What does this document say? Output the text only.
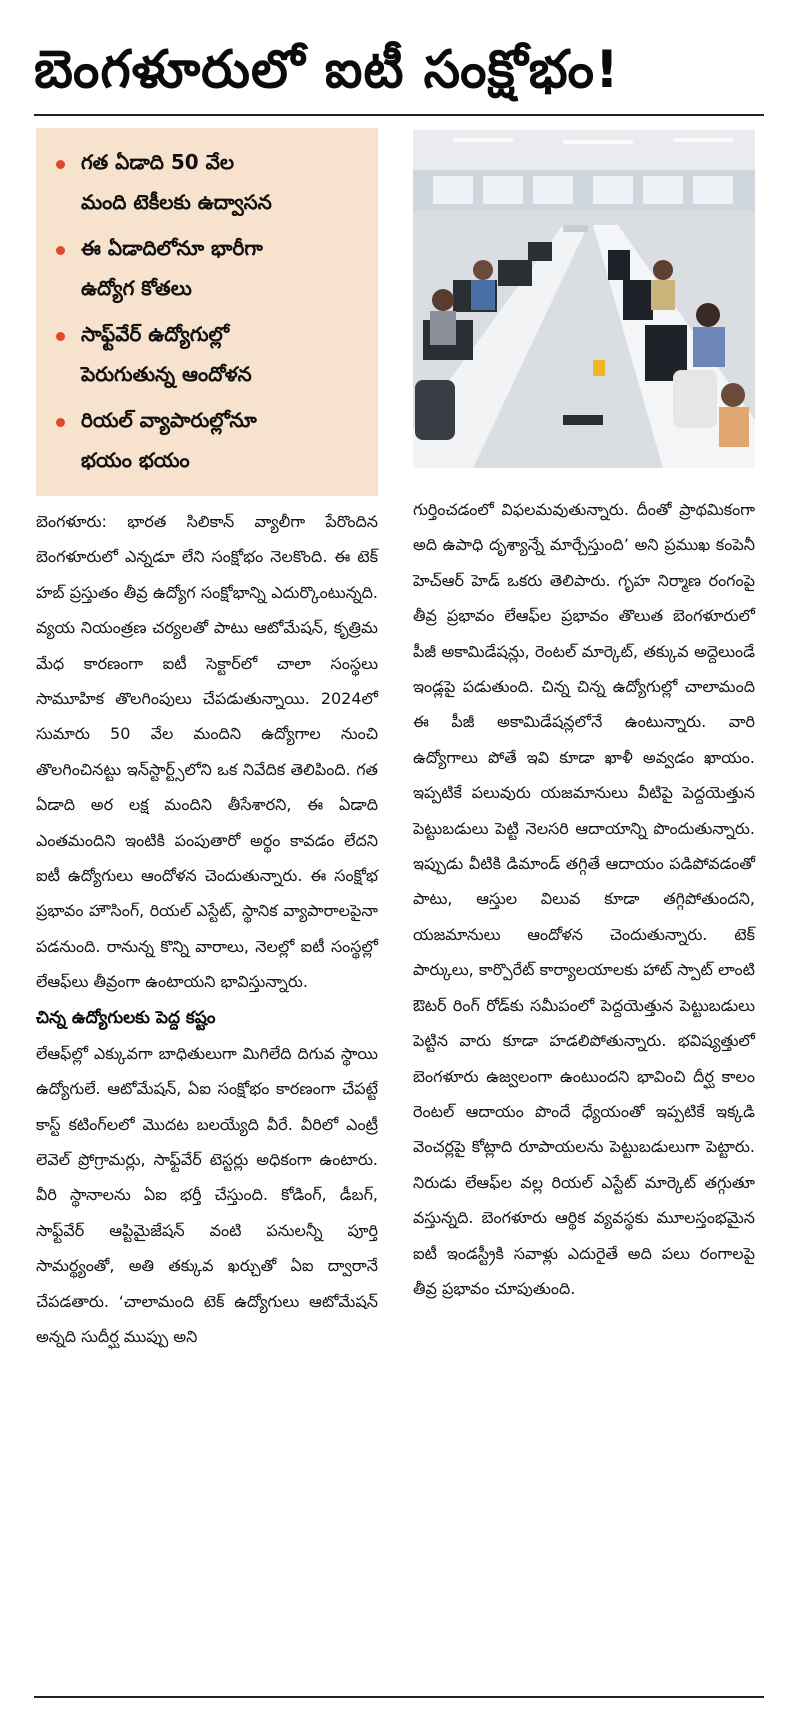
బెంగళూరులో ఐటీ సంక్షోభం!
గత ఏడాది 50 వేల
మంది టెకీలకు ఉద్వాసన
ఈ ఏడాదిలోనూ భారీగా
ఉద్యోగ కోతలు
సాఫ్ట్‌వేర్ ఉద్యోగుల్లో
పెరుగుతున్న ఆందోళన
రియల్ వ్యాపారుల్లోనూ
భయం భయం

బెంగళూరు: భారత సిలికాన్ వ్యాలీగా పేరొందిన బెంగళూరులో ఎన్నడూ లేని సంక్షోభం నెలకొంది. ఈ టెక్ హబ్ ప్రస్తుతం తీవ్ర ఉద్యోగ సంక్షోభాన్ని ఎదుర్కొంటున్నది. వ్యయ నియంత్రణ చర్యలతో పాటు ఆటోమేషన్, కృత్రిమ మేధ కారణంగా ఐటీ సెక్టార్‌లో చాలా సంస్థలు సామూహిక తొలగింపులు చేపడుతున్నాయి. 2024లో సుమారు 50 వేల మందిని ఉద్యోగాల నుంచి తొలగించినట్టు ఇన్‌స్టార్ట్స్‌లోని ఒక నివేదిక తెలిపింది. గత ఏడాది అర లక్ష మందిని తీసేశారని, ఈ ఏడాది ఎంతమందిని ఇంటికి పంపుతారో అర్థం కావడం లేదని ఐటీ ఉద్యోగులు ఆందోళన చెందుతున్నారు. ఈ సంక్షోభ ప్రభావం హౌసింగ్, రియల్ ఎస్టేట్, స్థానిక వ్యాపారాలపైనా పడనుంది. రానున్న కొన్ని వారాలు, నెలల్లో ఐటీ సంస్థల్లో లేఆఫ్‌లు తీవ్రంగా ఉంటాయని భావిస్తున్నారు.

చిన్న ఉద్యోగులకు పెద్ద కష్టం

లేఆఫ్‌ల్లో ఎక్కువగా బాధితులుగా మిగిలేది దిగువ స్థాయి ఉద్యోగులే. ఆటోమేషన్, ఏఐ సంక్షోభం కారణంగా చేపట్టే కాస్ట్ కటింగ్‌లలో మొదట బలయ్యేది వీరే. వీరిలో ఎంట్రీ లెవెల్ ప్రోగ్రామర్లు, సాఫ్ట్‌వేర్ టెస్టర్లు అధికంగా ఉంటారు. వీరి స్థానాలను ఏఐ భర్తీ చేస్తుంది. కోడింగ్, డీబగ్, సాఫ్ట్‌వేర్ ఆప్టిమైజేషన్ వంటి పనులన్నీ పూర్తి సామర్థ్యంతో, అతి తక్కువ ఖర్చుతో ఏఐ ద్వారానే చేపడతారు. ‘చాలామంది టెక్ ఉద్యోగులు ఆటోమేషన్ అన్నది సుదీర్ఘ ముప్పు అని

గుర్తించడంలో విఫలమవుతున్నారు. దీంతో ప్రాథమికంగా అది ఉపాధి దృశ్యాన్నే మార్చేస్తుంది’ అని ప్రముఖ కంపెనీ హెచ్ఆర్ హెడ్ ఒకరు తెలిపారు. గృహ నిర్మాణ రంగంపై తీవ్ర ప్రభావం లేఆఫ్‌ల ప్రభావం తొలుత బెంగళూరులో పీజీ అకామిడేషన్లు, రెంటల్ మార్కెట్, తక్కువ అద్దెలుండే ఇండ్లపై పడుతుంది. చిన్న చిన్న ఉద్యోగుల్లో చాలామంది ఈ పీజీ అకామిడేషన్లలోనే ఉంటున్నారు. వారి ఉద్యోగాలు పోతే ఇవి కూడా ఖాళీ అవ్వడం ఖాయం. ఇప్పటికే పలువురు యజమానులు వీటిపై పెద్దయెత్తున పెట్టుబడులు పెట్టి నెలసరి ఆదాయాన్ని పొందుతున్నారు. ఇప్పుడు వీటికి డిమాండ్ తగ్గితే ఆదాయం పడిపోవడంతో పాటు, ఆస్తుల విలువ కూడా తగ్గిపోతుందని, యజమానులు ఆందోళన చెందుతున్నారు. టెక్ పార్కులు, కార్పొరేట్ కార్యాలయాలకు హాట్ స్పాట్ లాంటి ఔటర్ రింగ్ రోడ్‌కు సమీపంలో పెద్దయెత్తున పెట్టుబడులు పెట్టిన వారు కూడా హడలిపోతున్నారు. భవిష్యత్తులో బెంగళూరు ఉజ్వలంగా ఉంటుందని భావించి దీర్ఘ కాలం రెంటల్ ఆదాయం పొందే ధ్యేయంతో ఇప్పటికే ఇక్కడి వెంచర్లపై కోట్లాది రూపాయలను పెట్టుబడులుగా పెట్టారు. నిరుడు లేఆఫ్‌ల వల్ల రియల్ ఎస్టేట్ మార్కెట్ తగ్గుతూ వస్తున్నది. బెంగళూరు ఆర్థిక వ్యవస్థకు మూలస్తంభమైన ఐటీ ఇండస్ట్రీకి సవాళ్లు ఎదురైతే అది పలు రంగాలపై తీవ్ర ప్రభావం చూపుతుంది.
